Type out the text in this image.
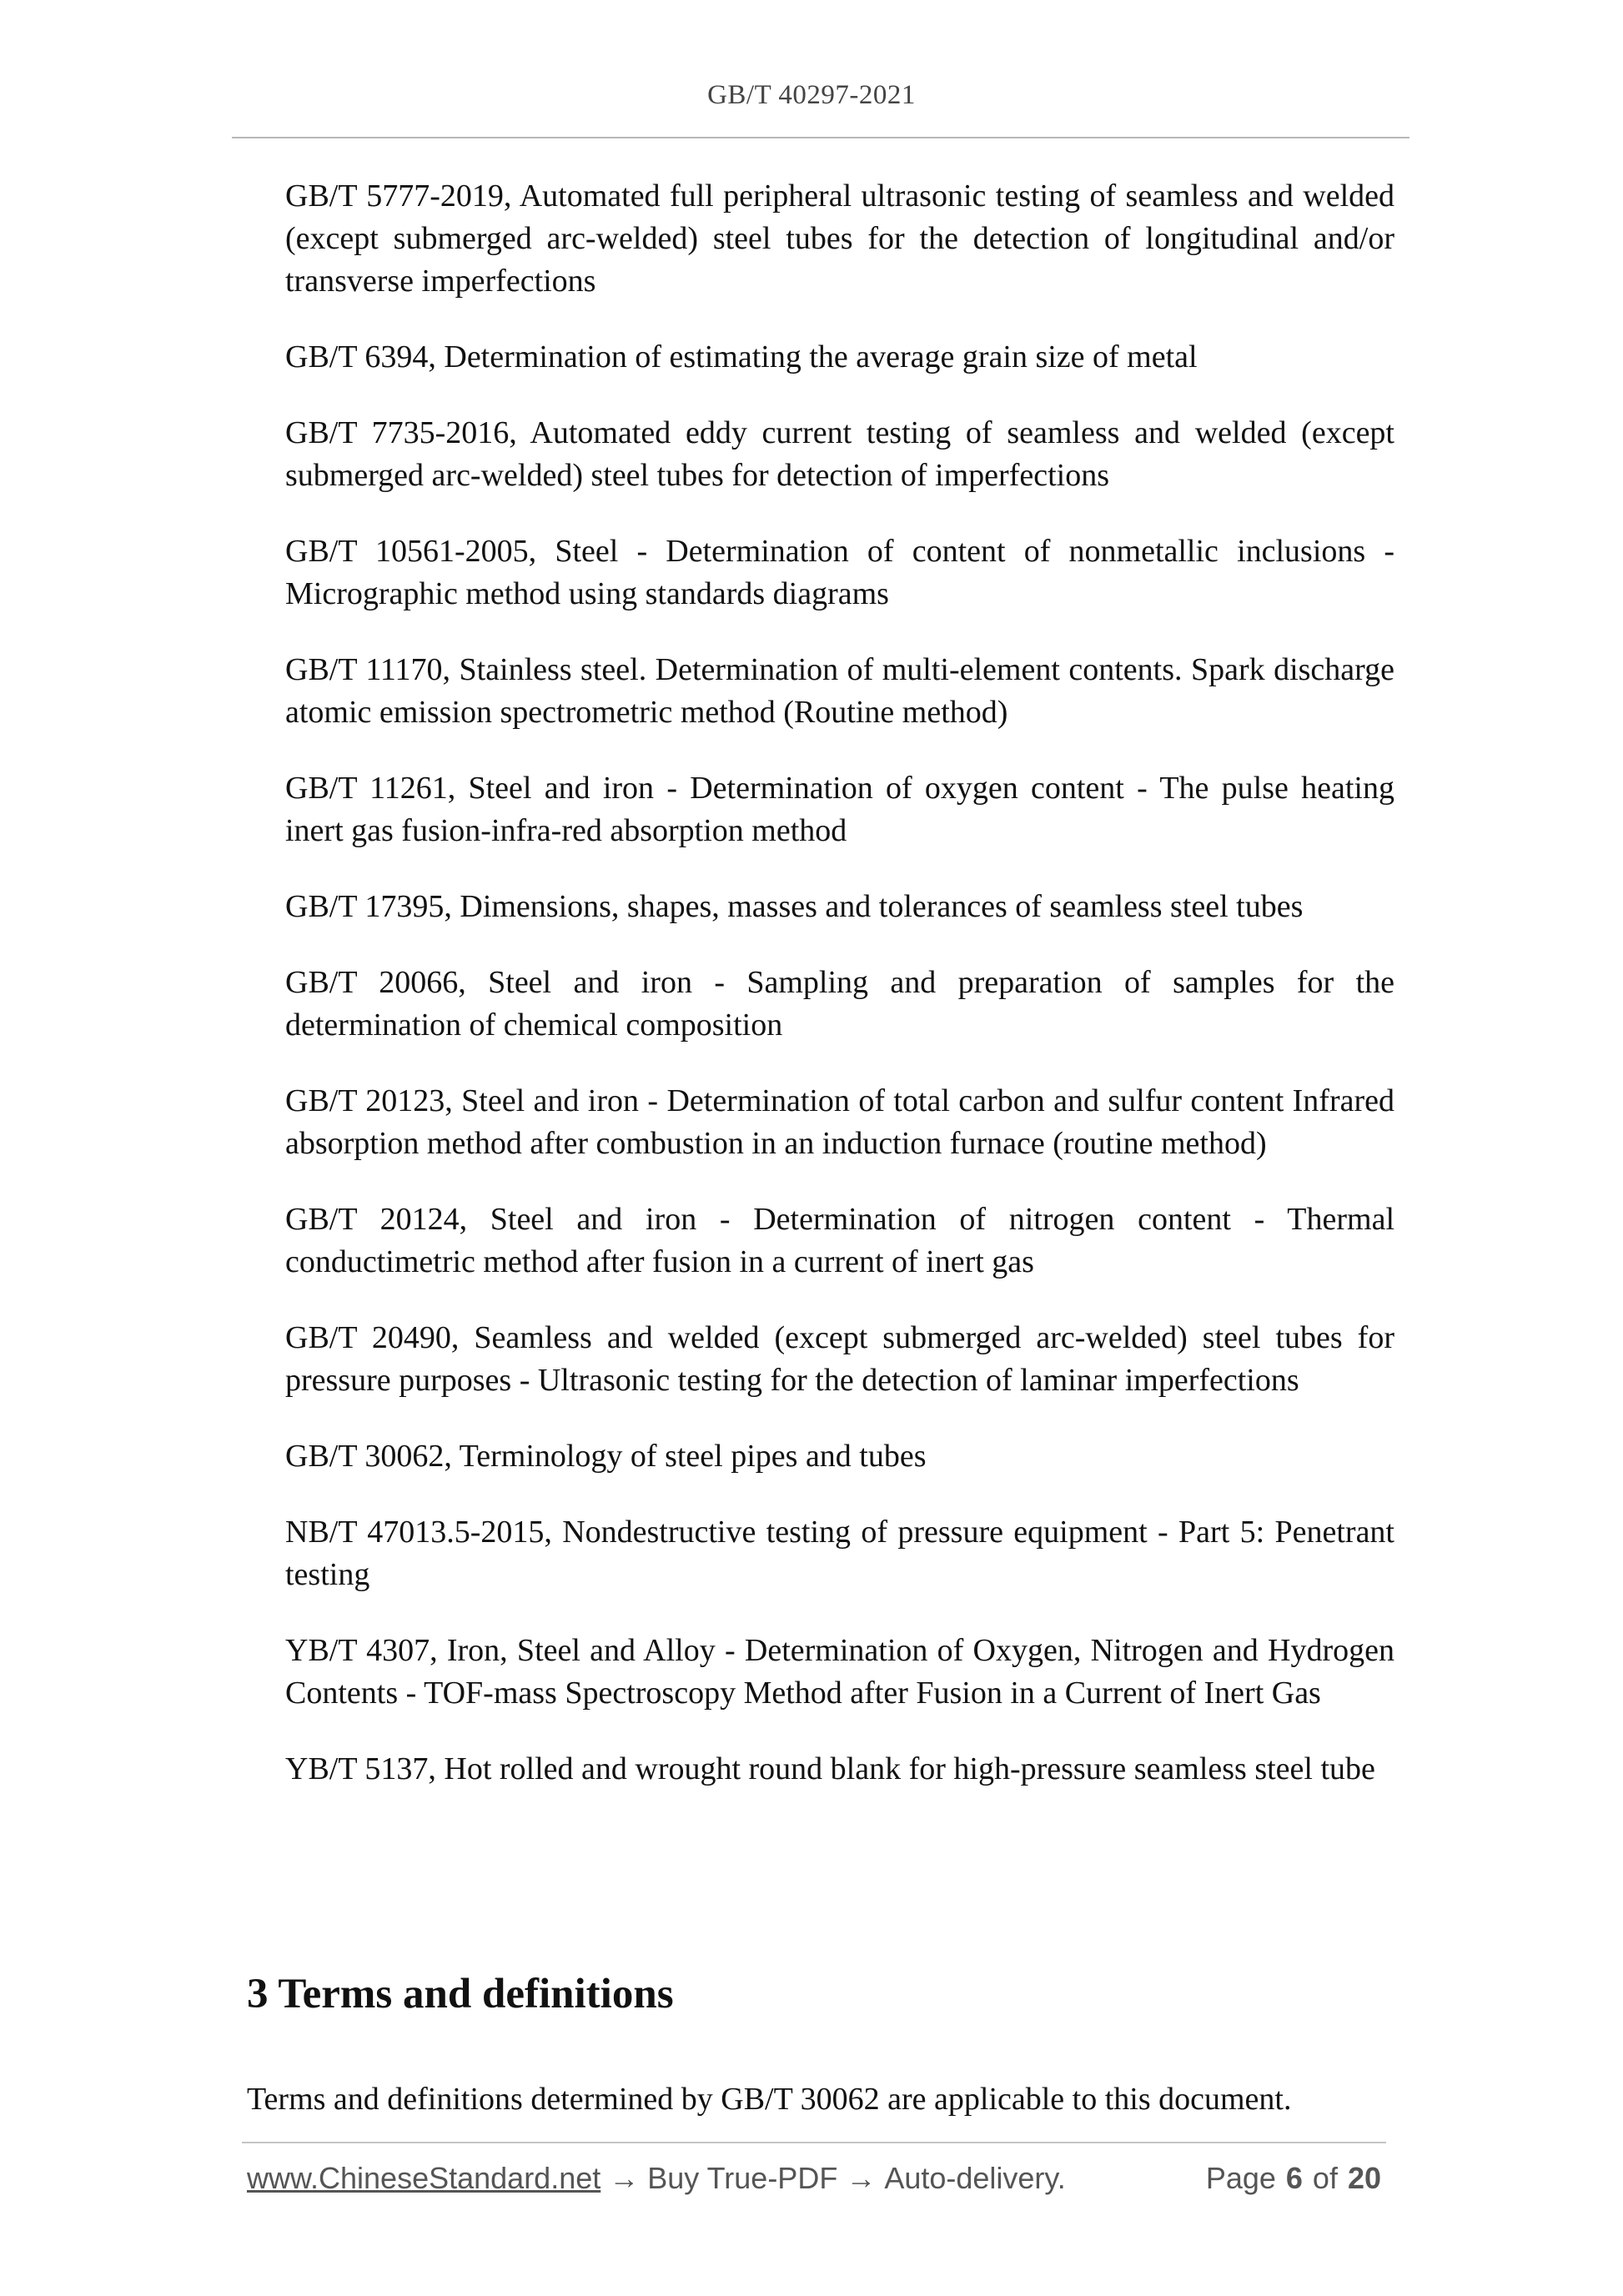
GB/T 40297-2021

GB/T 5777-2019, Automated full peripheral ultrasonic testing of seamless and welded (except submerged arc-welded) steel tubes for the detection of longitudinal and/or transverse imperfections

GB/T 6394, Determination of estimating the average grain size of metal

GB/T 7735-2016, Automated eddy current testing of seamless and welded (except submerged arc-welded) steel tubes for detection of imperfections

GB/T 10561-2005, Steel - Determination of content of nonmetallic inclusions - Micrographic method using standards diagrams

GB/T 11170, Stainless steel. Determination of multi-element contents. Spark discharge atomic emission spectrometric method (Routine method)

GB/T 11261, Steel and iron - Determination of oxygen content - The pulse heating inert gas fusion-infra-red absorption method

GB/T 17395, Dimensions, shapes, masses and tolerances of seamless steel tubes

GB/T 20066, Steel and iron - Sampling and preparation of samples for the determination of chemical composition

GB/T 20123, Steel and iron - Determination of total carbon and sulfur content Infrared absorption method after combustion in an induction furnace (routine method)

GB/T 20124, Steel and iron - Determination of nitrogen content - Thermal conductimetric method after fusion in a current of inert gas

GB/T 20490, Seamless and welded (except submerged arc-welded) steel tubes for pressure purposes - Ultrasonic testing for the detection of laminar imperfections

GB/T 30062, Terminology of steel pipes and tubes

NB/T 47013.5-2015, Nondestructive testing of pressure equipment - Part 5: Penetrant testing

YB/T 4307, Iron, Steel and Alloy - Determination of Oxygen, Nitrogen and Hydrogen Contents - TOF-mass Spectroscopy Method after Fusion in a Current of Inert Gas

YB/T 5137, Hot rolled and wrought round blank for high-pressure seamless steel tube

3 Terms and definitions

Terms and definitions determined by GB/T 30062 are applicable to this document.

www.ChineseStandard.net → Buy True-PDF → Auto-delivery.	Page 6 of 20
